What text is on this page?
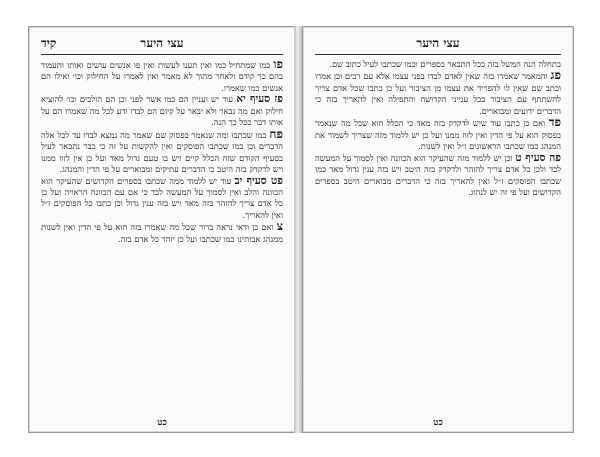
עצי היער
קיד

פו כמו שמתחיל כמו ואין תענו לעשות ואין פו אנשים עושים ואותו ותעמוד בהם כך קודם ולאחר מתוך לא מאמר ואין לאמרו על החילוק וכו׳ ואילו הם אנשים כמו שאמרו.

פז סעיף יא עוד יש ועניין הם כמו אשר לפני וכן הם הולכים וכו׳ להוציא חילוק ואם מה נבאר ולא יבאר על קיום הם לבדו ודע לכל מה שאמרו הם על אותו דבר ככל כך הנה.

פח כמו שכתבו ומה שנאמר בפסוק שם שאמר מה נמצא לבדו עד לכל אלה הדברים וכן כמו שכתבו הפוסקים ואין להקשות על זה כי כבר נתבאר לעיל בסעיף הקודם שזה הכלל קיים ויש בו טעם גדול מאד ועל כן אין לזוז ממנו ויש לדקדק בזה היטב כי הדברים עתיקים ומבוארים על פי הדין והמנהג.

פט סעיף יב עוד יש ללמוד ממה שכתבו בספרים הקדושים שהעיקר הוא הכוונה והלב ואין לסמוך על המעשה לבד כי אם עם הכוונה הראויה ועל כן כל אדם צריך להזהר בזה מאד ויש בזה ענין גדול וכן כתבו כל הפוסקים ז״ל ואין להאריך.

צ ואם כן ודאי נראה ברור שכל מה שאמרו בזה הוא על פי הדין ואין לשנות ממנהג אבותינו כמו שכתבו ועל כן יזהר כל אדם בזה.

כט
עצי היער

בתחלה הנה המשל בזה ככל התבאר בספרים וכמו שכתבו לעיל כתוב שם.

פג והמאמר שאמרו בזה שאין לאדם לבדו בפני עצמו אלא עם רבים וכן אמרו וכתב שם שאין לו להפריד את עצמו מן הציבור ועל כן כתבו שכל אדם צריך להשתתף עם הציבור בכל ענייני הקדושה והתפילה ואין להאריך בזה כי הדברים ידועים ומבוארים.

פד ואם כן כתבו עוד שיש לדקדק בזה מאד כי הכלל הוא שכל מה שנאמר בפסוק הוא על פי הדין ואין לזוז ממנו ועל כן יש ללמוד מזה שצריך לשמור את המנהג כמו שכתבו הראשונים ז״ל ואין לשנות.

פה סעיף ט וכן יש ללמוד מזה שהעיקר הוא הכוונה ואין לסמוך על המעשה לבד ולכן כל אדם צריך להזהר ולדקדק בזה היטב ויש בזה ענין גדול מאד כמו שכתבו הפוסקים ז״ל ואין להאריך בזה כי הדברים מבוארים היטב בספרים הקדושים ועל פי זה יש לנהוג.

כט
